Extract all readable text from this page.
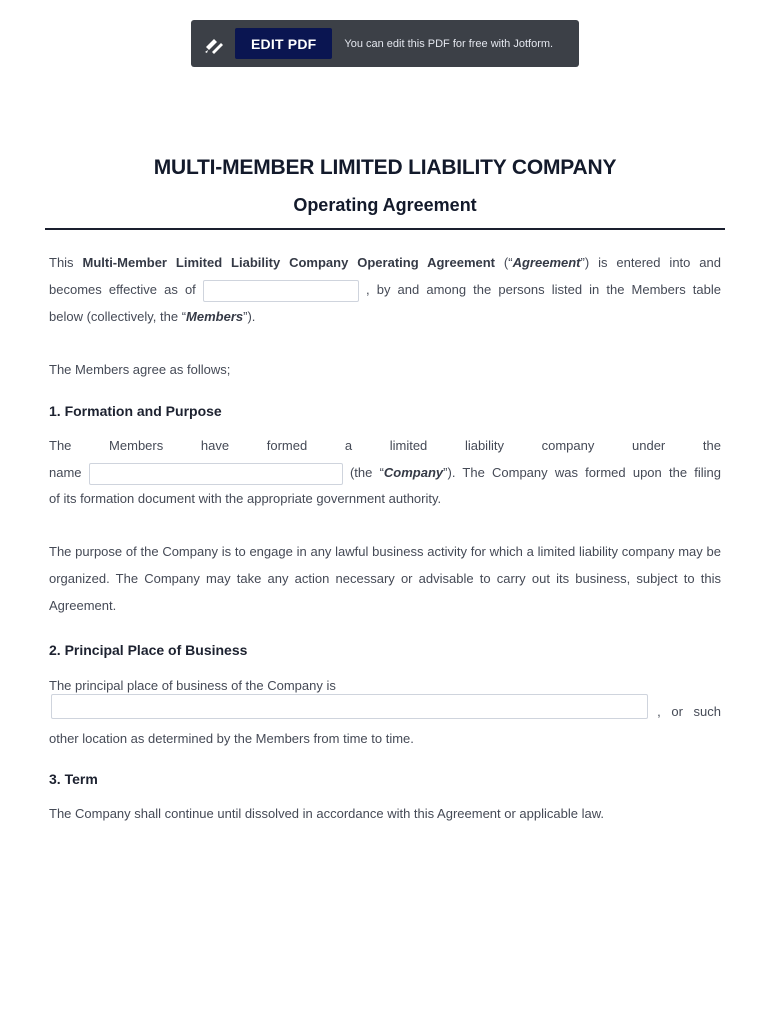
EDIT PDF	You can edit this PDF for free with Jotform.
MULTI-MEMBER LIMITED LIABILITY COMPANY
Operating Agreement
This Multi-Member Limited Liability Company Operating Agreement (“Agreement”) is entered into and
becomes effective as of	, by and among the persons listed in the Members table
below (collectively, the “Members”).
The Members agree as follows;
1. Formation and Purpose
The Members have formed a limited liability company under the
name	(the “Company”). The Company was formed upon the filing
of its formation document with the appropriate government authority.
The purpose of the Company is to engage in any lawful business activity for which a limited liability company may be organized. The Company may take any action necessary or advisable to carry out its business, subject to this Agreement.
2. Principal Place of Business
The principal place of business of the Company is
, or such
other location as determined by the Members from time to time.
3. Term
The Company shall continue until dissolved in accordance with this Agreement or applicable law.
